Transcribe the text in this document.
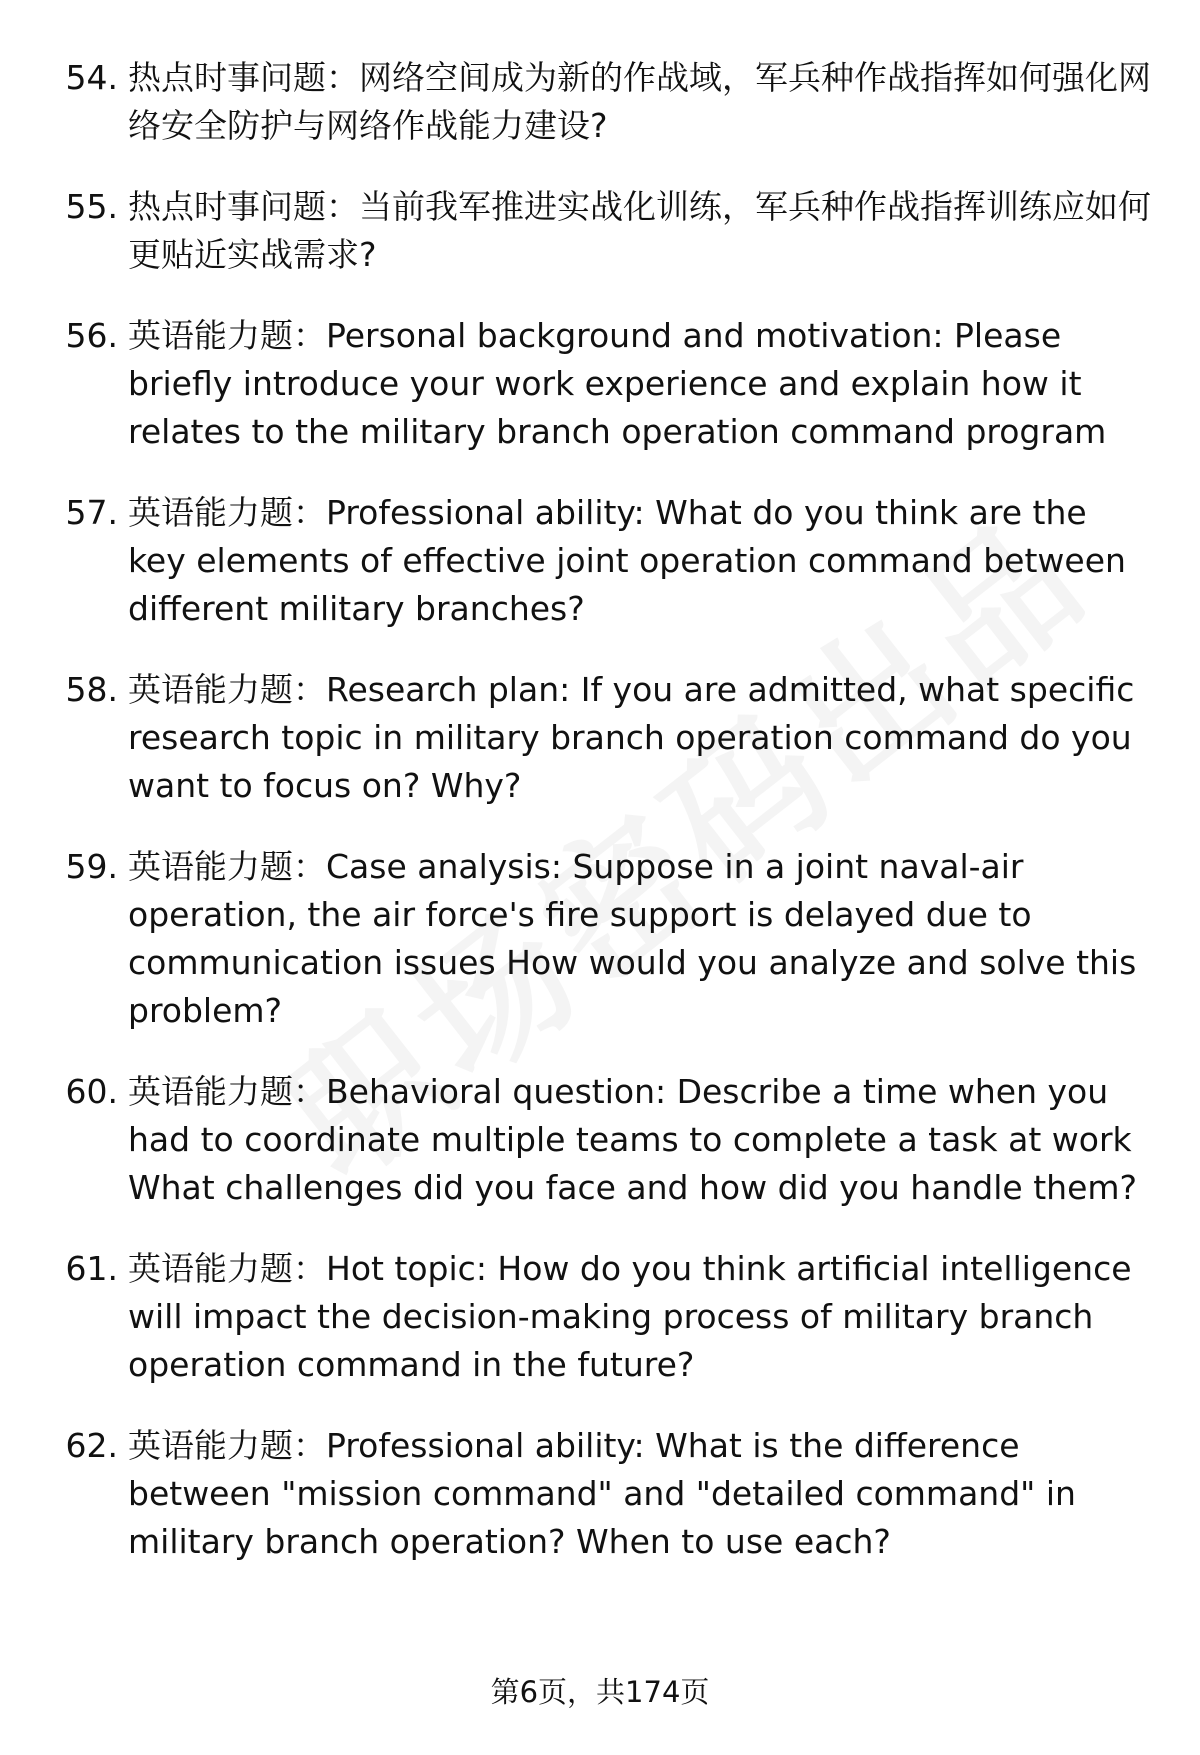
54. 热点时事问题：网络空间成为新的作战域，军兵种作战指挥如何强化网络安全防护与网络作战能力建设?
55. 热点时事问题：当前我军推进实战化训练，军兵种作战指挥训练应如何更贴近实战需求?
56. 英语能力题：Personal background and motivation: Please briefly introduce your work experience and explain how it relates to the military branch operation command program
57. 英语能力题：Professional ability: What do you think are the key elements of effective joint operation command between different military branches?
58. 英语能力题：Research plan: If you are admitted, what specific research topic in military branch operation command do you want to focus on? Why?
59. 英语能力题：Case analysis: Suppose in a joint naval-air operation, the air force's fire support is delayed due to communication issues How would you analyze and solve this problem?
60. 英语能力题：Behavioral question: Describe a time when you had to coordinate multiple teams to complete a task at work What challenges did you face and how did you handle them?
61. 英语能力题：Hot topic: How do you think artificial intelligence will impact the decision-making process of military branch operation command in the future?
62. 英语能力题：Professional ability: What is the difference between "mission command" and "detailed command" in military branch operation? When to use each?
第6页，共174页
